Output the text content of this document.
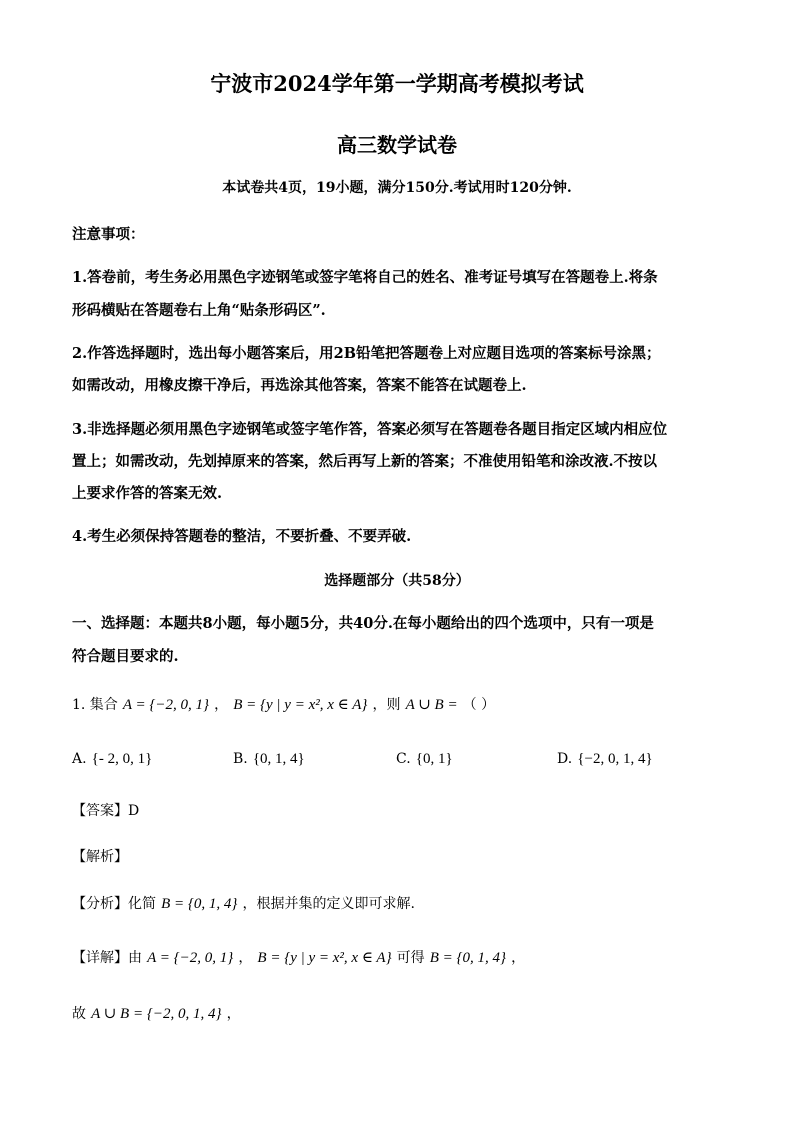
宁波市2024学年第一学期高考模拟考试
高三数学试卷
本试卷共4页，19小题，满分150分.考试用时120分钟.
注意事项：
1.答卷前，考生务必用黑色字迹钢笔或签字笔将自己的姓名、准考证号填写在答题卷上.将条
形码横贴在答题卷右上角“贴条形码区”.
2.作答选择题时，选出每小题答案后，用2B铅笔把答题卷上对应题目选项的答案标号涂黑；
如需改动，用橡皮擦干净后，再选涂其他答案，答案不能答在试题卷上.
3.非选择题必须用黑色字迹钢笔或签字笔作答，答案必须写在答题卷各题目指定区域内相应位
置上；如需改动，先划掉原来的答案，然后再写上新的答案；不准使用铅笔和涂改液.不按以
上要求作答的答案无效.
4.考生必须保持答题卷的整洁，不要折叠、不要弄破.
选择题部分（共58分）
一、选择题：本题共8小题，每小题5分，共40分.在每小题给出的四个选项中，只有一项是
符合题目要求的.
1. 集合 A = {−2, 0, 1} ， B = {y | y = x², x ∈ A} ，则 A ∪ B = （ ）
A. {- 2, 0, 1}	B. {0, 1, 4}	C. {0, 1}	D. {−2, 0, 1, 4}
【答案】D
【解析】
【分析】化简 B = {0, 1, 4} ，根据并集的定义即可求解.
【详解】由 A = {−2, 0, 1} ， B = {y | y = x², x ∈ A} 可得 B = {0, 1, 4} ，
故 A ∪ B = {−2, 0, 1, 4} ，
